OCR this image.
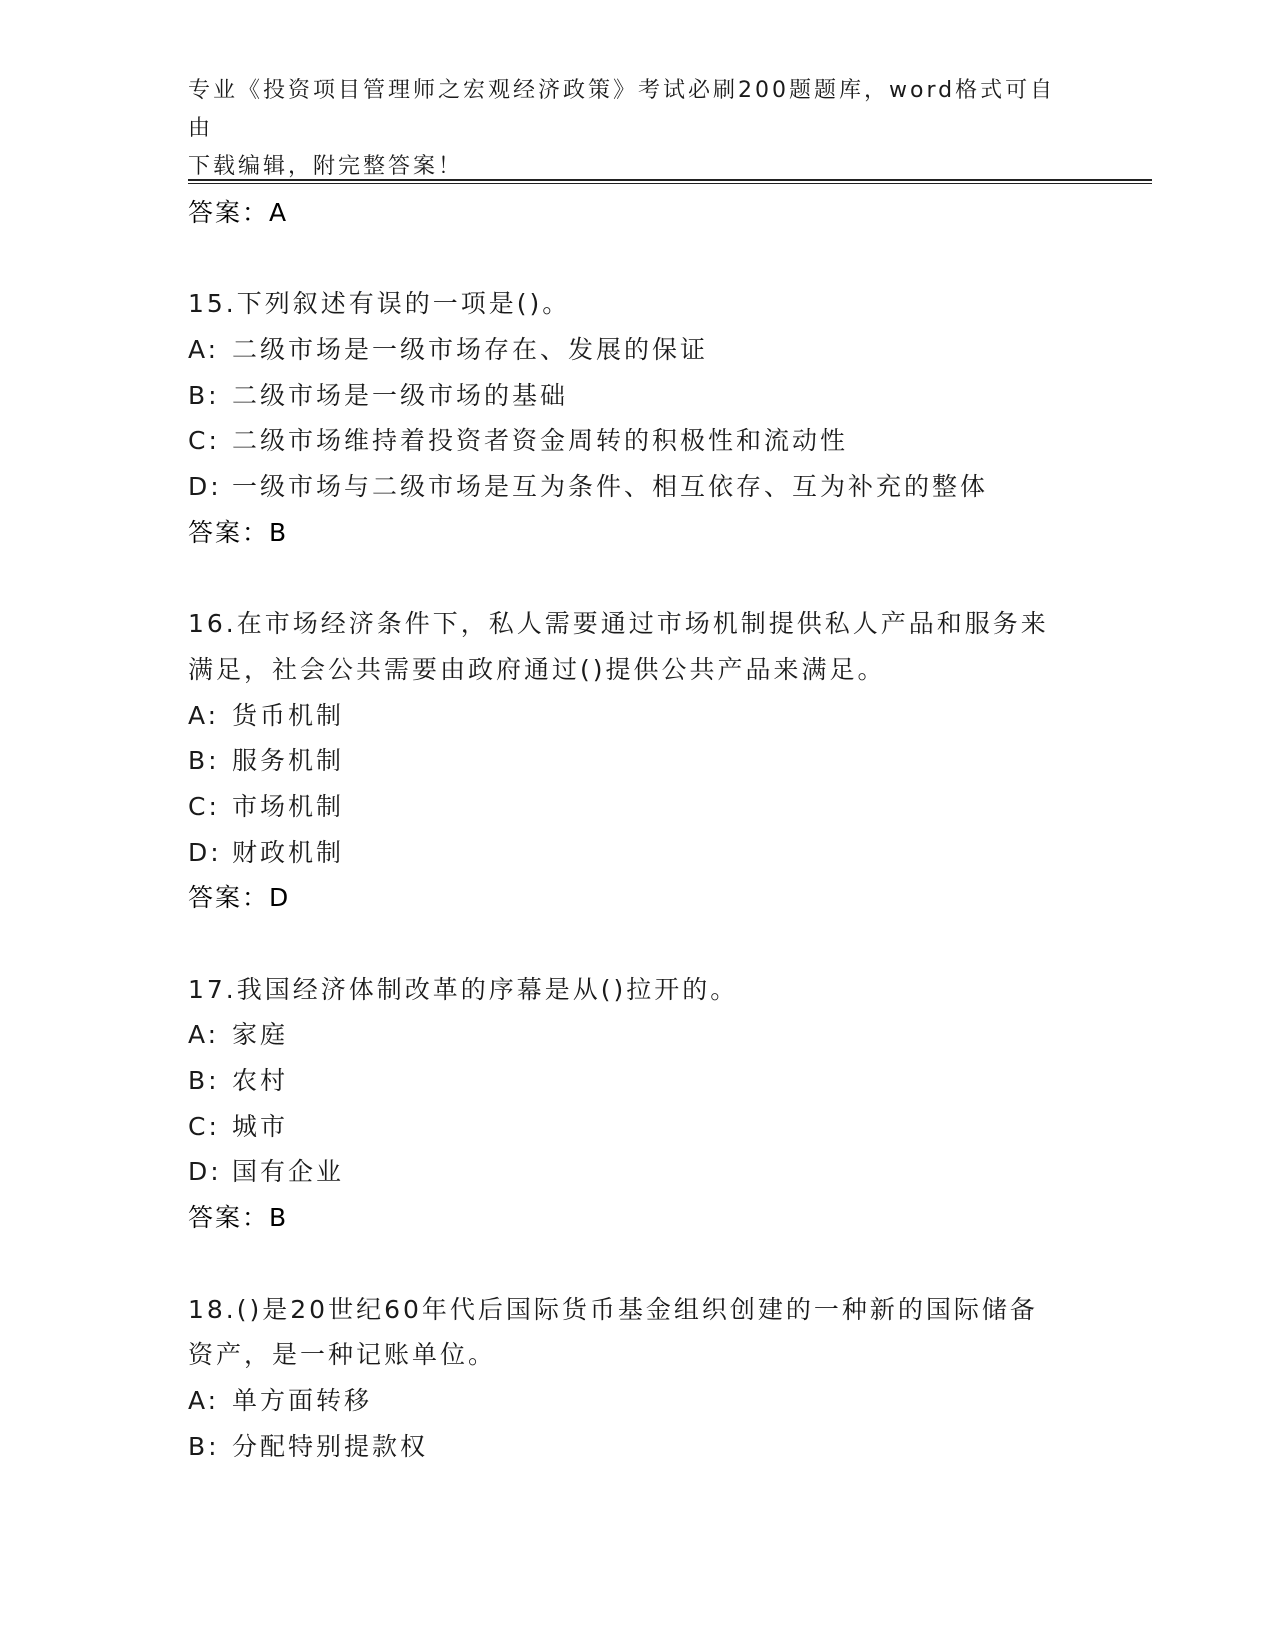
专业《投资项目管理师之宏观经济政策》考试必刷200题题库，word格式可自由
下载编辑，附完整答案！
答案：A
15.下列叙述有误的一项是()。
A: 二级市场是一级市场存在、发展的保证
B: 二级市场是一级市场的基础
C: 二级市场维持着投资者资金周转的积极性和流动性
D: 一级市场与二级市场是互为条件、相互依存、互为补充的整体
答案：B
16.在市场经济条件下，私人需要通过市场机制提供私人产品和服务来
满足，社会公共需要由政府通过()提供公共产品来满足。
A: 货币机制
B: 服务机制
C: 市场机制
D: 财政机制
答案：D
17.我国经济体制改革的序幕是从()拉开的。
A: 家庭
B: 农村
C: 城市
D: 国有企业
答案：B
18.()是20世纪60年代后国际货币基金组织创建的一种新的国际储备
资产，是一种记账单位。
A: 单方面转移
B: 分配特别提款权
